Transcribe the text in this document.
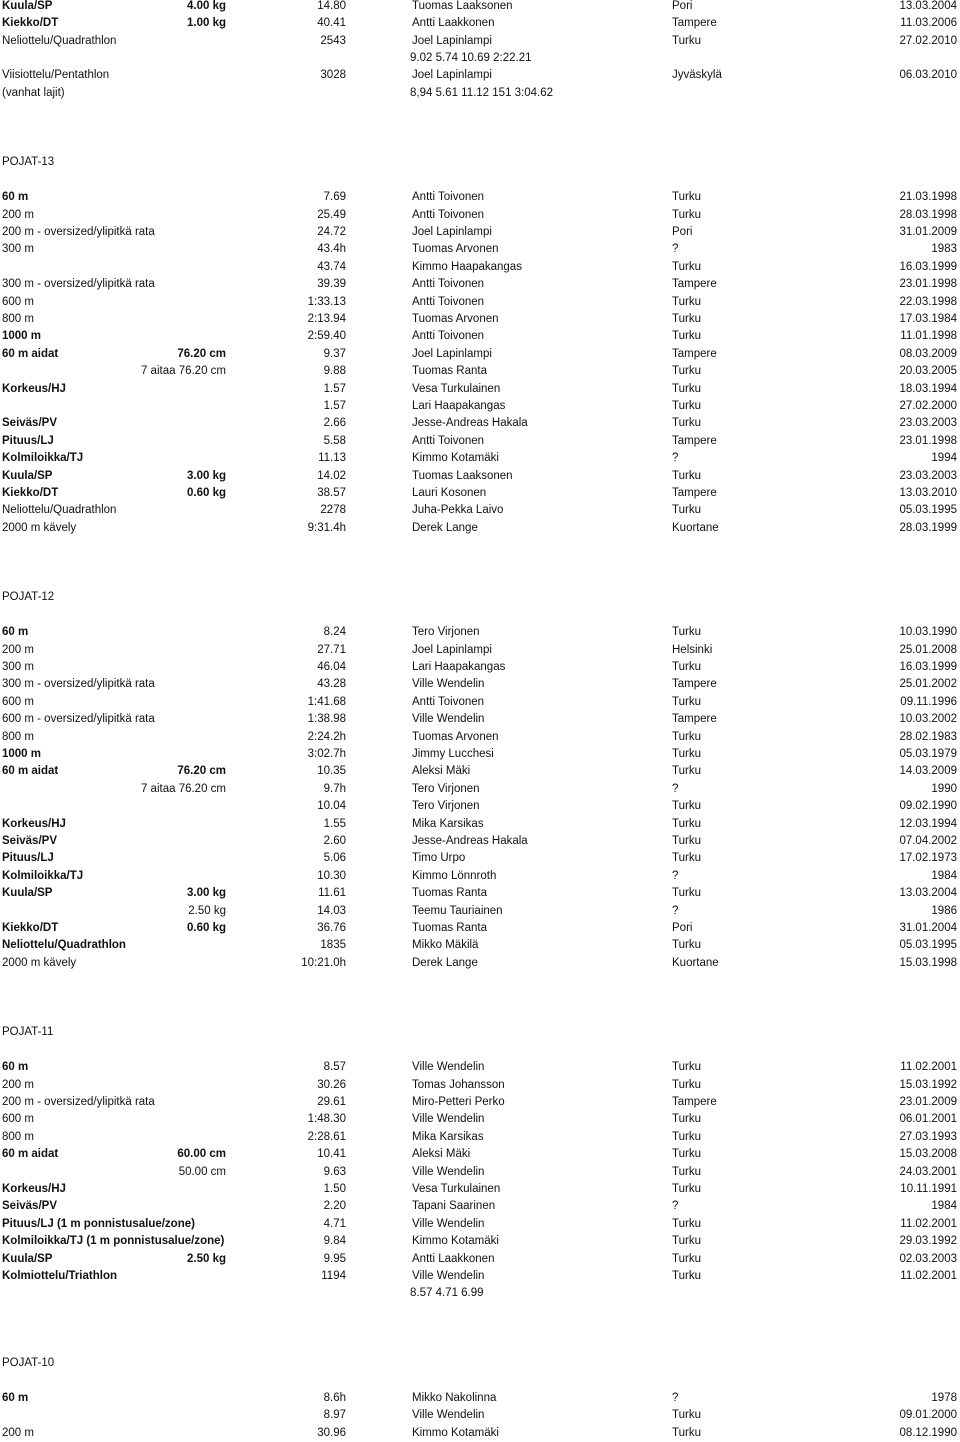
Kuula/SP	4.00 kg	14.80	Tuomas Laaksonen	Pori	13.03.2004
Kiekko/DT	1.00 kg	40.41	Antti Laakkonen	Tampere	11.03.2006
Neliottelu/Quadrathlon	2543	Joel Lapinlampi	Turku	27.02.2010
9.02 5.74 10.69 2:22.21
Viisiottelu/Pentathlon	3028	Joel Lapinlampi	Jyväskylä	06.03.2010
(vanhat lajit)	8,94 5.61 11.12 151 3:04.62
POJAT-13
60 m	7.69	Antti Toivonen	Turku	21.03.1998
200 m	25.49	Antti Toivonen	Turku	28.03.1998
200 m - oversized/ylipitkä rata	24.72	Joel Lapinlampi	Pori	31.01.2009
300 m	43.4h	Tuomas Arvonen	?	1983
43.74	Kimmo Haapakangas	Turku	16.03.1999
300 m - oversized/ylipitkä rata	39.39	Antti Toivonen	Tampere	23.01.1998
600 m	1:33.13	Antti Toivonen	Turku	22.03.1998
800 m	2:13.94	Tuomas Arvonen	Turku	17.03.1984
1000 m	2:59.40	Antti Toivonen	Turku	11.01.1998
60 m aidat	76.20 cm	9.37	Joel Lapinlampi	Tampere	08.03.2009
7 aitaa 76.20 cm	9.88	Tuomas Ranta	Turku	20.03.2005
Korkeus/HJ	1.57	Vesa Turkulainen	Turku	18.03.1994
1.57	Lari Haapakangas	Turku	27.02.2000
Seiväs/PV	2.66	Jesse-Andreas Hakala	Turku	23.03.2003
Pituus/LJ	5.58	Antti Toivonen	Tampere	23.01.1998
Kolmiloikka/TJ	11.13	Kimmo Kotamäki	?	1994
Kuula/SP	3.00 kg	14.02	Tuomas Laaksonen	Turku	23.03.2003
Kiekko/DT	0.60 kg	38.57	Lauri Kosonen	Tampere	13.03.2010
Neliottelu/Quadrathlon	2278	Juha-Pekka Laivo	Turku	05.03.1995
2000 m kävely	9:31.4h	Derek Lange	Kuortane	28.03.1999
POJAT-12
60 m	8.24	Tero Virjonen	Turku	10.03.1990
200 m	27.71	Joel Lapinlampi	Helsinki	25.01.2008
300 m	46.04	Lari Haapakangas	Turku	16.03.1999
300 m - oversized/ylipitkä rata	43.28	Ville Wendelin	Tampere	25.01.2002
600 m	1:41.68	Antti Toivonen	Turku	09.11.1996
600 m - oversized/ylipitkä rata	1:38.98	Ville Wendelin	Tampere	10.03.2002
800 m	2:24.2h	Tuomas Arvonen	Turku	28.02.1983
1000 m	3:02.7h	Jimmy Lucchesi	Turku	05.03.1979
60 m aidat	76.20 cm	10.35	Aleksi Mäki	Turku	14.03.2009
7 aitaa 76.20 cm	9.7h	Tero Virjonen	?	1990
10.04	Tero Virjonen	Turku	09.02.1990
Korkeus/HJ	1.55	Mika Karsikas	Turku	12.03.1994
Seiväs/PV	2.60	Jesse-Andreas Hakala	Turku	07.04.2002
Pituus/LJ	5.06	Timo Urpo	Turku	17.02.1973
Kolmiloikka/TJ	10.30	Kimmo Lönnroth	?	1984
Kuula/SP	3.00 kg	11.61	Tuomas Ranta	Turku	13.03.2004
2.50 kg	14.03	Teemu Tauriainen	?	1986
Kiekko/DT	0.60 kg	36.76	Tuomas Ranta	Pori	31.01.2004
Neliottelu/Quadrathlon	1835	Mikko Mäkilä	Turku	05.03.1995
2000 m kävely	10:21.0h	Derek Lange	Kuortane	15.03.1998
POJAT-11
60 m	8.57	Ville Wendelin	Turku	11.02.2001
200 m	30.26	Tomas Johansson	Turku	15.03.1992
200 m - oversized/ylipitkä rata	29.61	Miro-Petteri Perko	Tampere	23.01.2009
600 m	1:48.30	Ville Wendelin	Turku	06.01.2001
800 m	2:28.61	Mika Karsikas	Turku	27.03.1993
60 m aidat	60.00 cm	10.41	Aleksi Mäki	Turku	15.03.2008
50.00 cm	9.63	Ville Wendelin	Turku	24.03.2001
Korkeus/HJ	1.50	Vesa Turkulainen	Turku	10.11.1991
Seiväs/PV	2.20	Tapani Saarinen	?	1984
Pituus/LJ (1 m ponnistusalue/zone)	4.71	Ville Wendelin	Turku	11.02.2001
Kolmiloikka/TJ (1 m ponnistusalue/zone)	9.84	Kimmo Kotamäki	Turku	29.03.1992
Kuula/SP	2.50 kg	9.95	Antti Laakkonen	Turku	02.03.2003
Kolmiottelu/Triathlon	1194	Ville Wendelin	Turku	11.02.2001
8.57 4.71 6.99
POJAT-10
60 m	8.6h	Mikko Nakolinna	?	1978
8.97	Ville Wendelin	Turku	09.01.2000
200 m	30.96	Kimmo Kotamäki	Turku	08.12.1990
